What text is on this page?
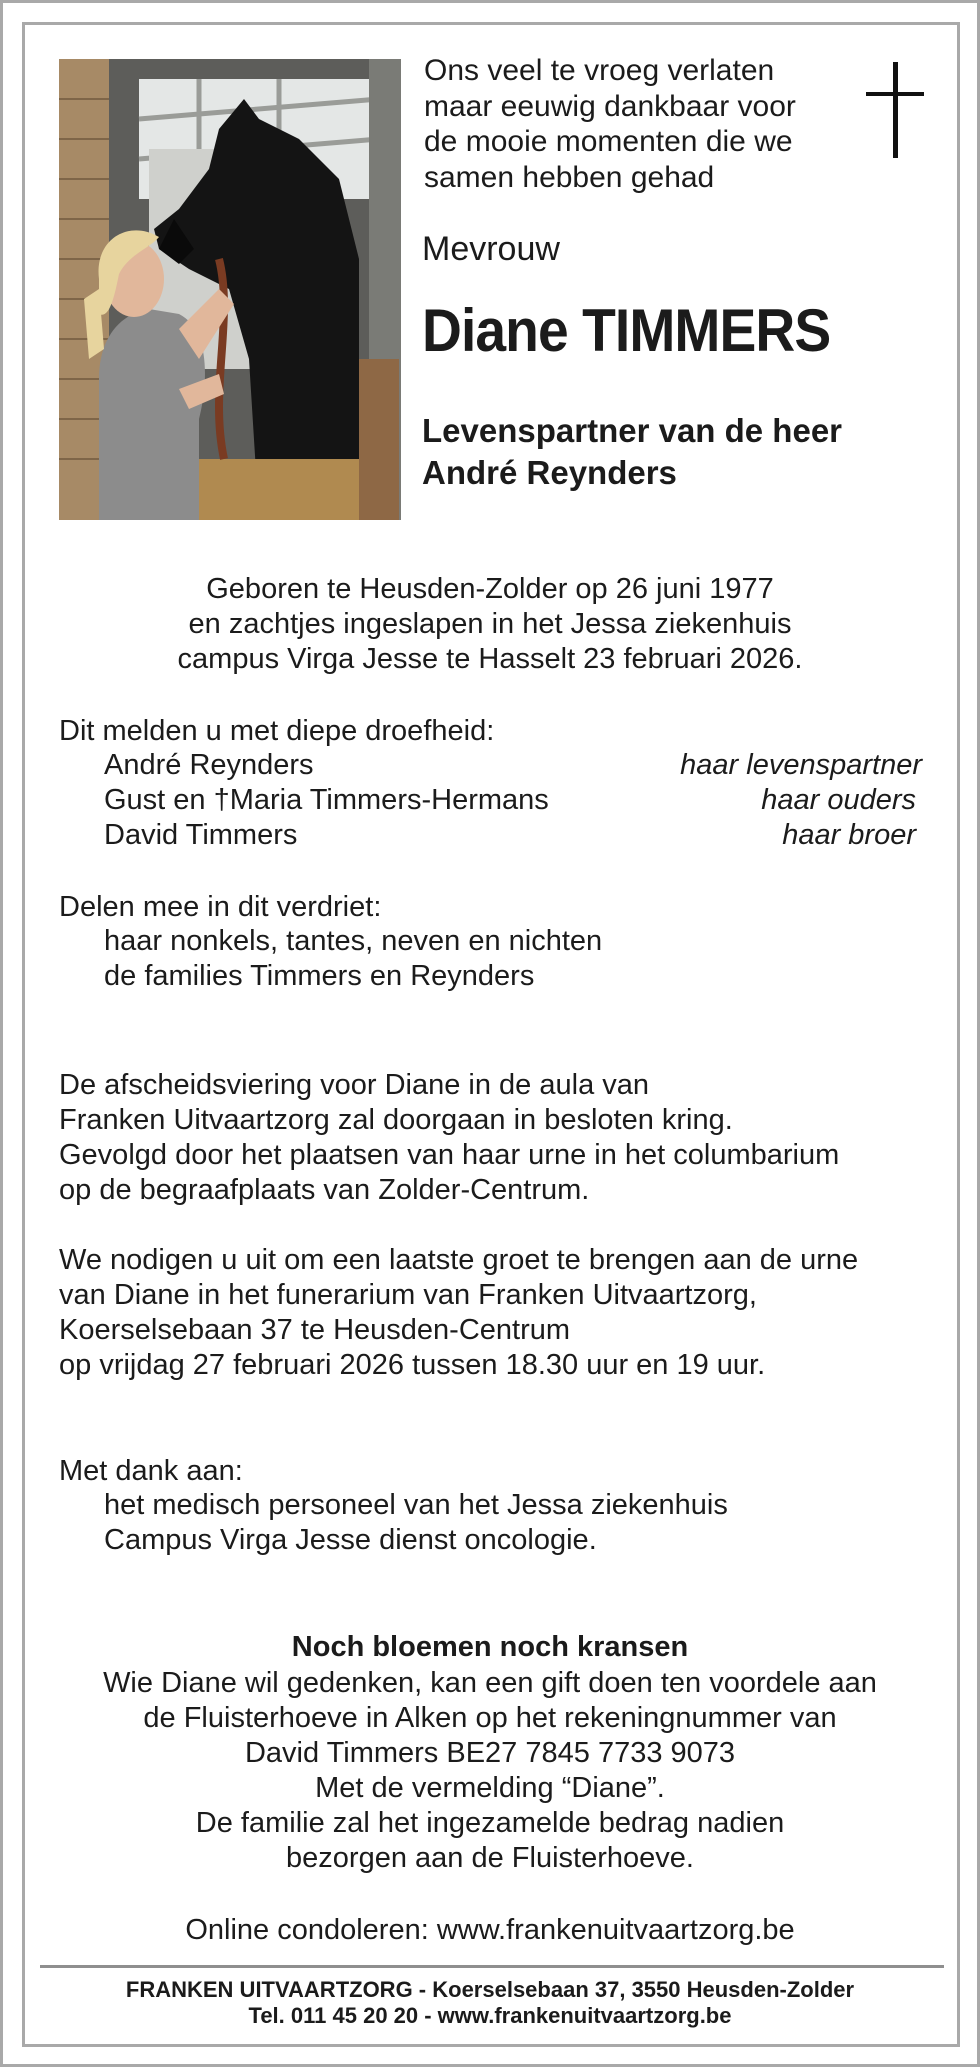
Ons veel te vroeg verlaten
maar eeuwig dankbaar voor
de mooie momenten die we
samen hebben gehad
Mevrouw
Diane TIMMERS
Levenspartner van de heer
André Reynders
Geboren te Heusden-Zolder op 26 juni 1977
en zachtjes ingeslapen in het Jessa ziekenhuis
campus Virga Jesse te Hasselt 23 februari 2026.
Dit melden u met diepe droefheid:
André Reynders	haar levenspartner
Gust en †Maria Timmers-Hermans	haar ouders
David Timmers	haar broer
Delen mee in dit verdriet:
haar nonkels, tantes, neven en nichten
de families Timmers en Reynders
De afscheidsviering voor Diane in de aula van
Franken Uitvaartzorg zal doorgaan in besloten kring.
Gevolgd door het plaatsen van haar urne in het columbarium
op de begraafplaats van Zolder-Centrum.
We nodigen u uit om een laatste groet te brengen aan de urne
van Diane in het funerarium van Franken Uitvaartzorg,
Koerselsebaan 37 te Heusden-Centrum
op vrijdag 27 februari 2026 tussen 18.30 uur en 19 uur.
Met dank aan:
het medisch personeel van het Jessa ziekenhuis
Campus Virga Jesse dienst oncologie.
Noch bloemen noch kransen
Wie Diane wil gedenken, kan een gift doen ten voordele aan
de Fluisterhoeve in Alken op het rekeningnummer van
David Timmers BE27 7845 7733 9073
Met de vermelding “Diane”.
De familie zal het ingezamelde bedrag nadien
bezorgen aan de Fluisterhoeve.
Online condoleren: www.frankenuitvaartzorg.be
FRANKEN UITVAARTZORG - Koerselsebaan 37, 3550 Heusden-Zolder
Tel. 011 45 20 20 - www.frankenuitvaartzorg.be
